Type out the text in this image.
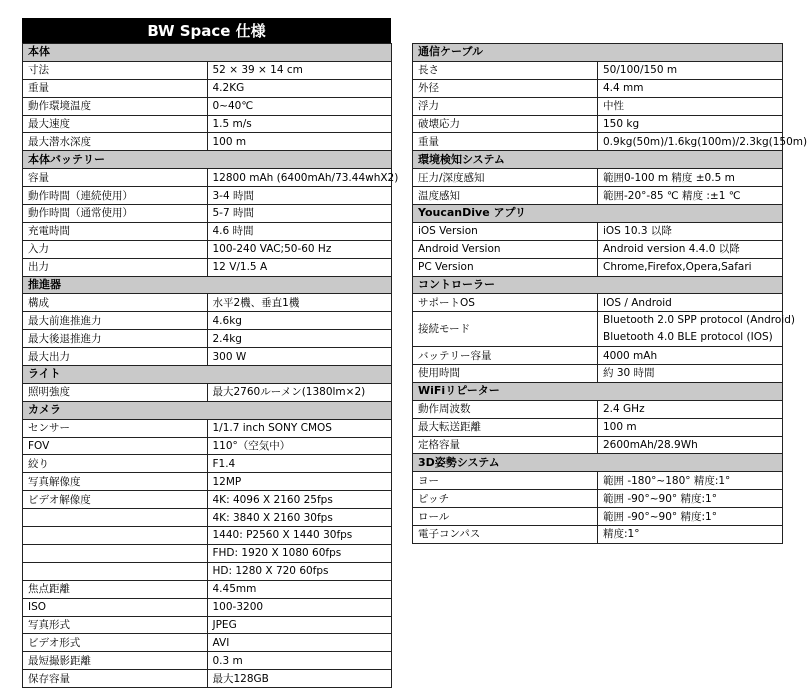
BW Space 仕様
本体	
寸法	52 × 39 × 14 cm
重量	4.2KG
動作環境温度	0~40℃
最大速度	1.5 m/s
最大潜水深度	100 m
本体バッテリー	
容量	12800 mAh (6400mAh/73.44whX2)
動作時間（連続使用）	3-4 時間
動作時間（通常使用）	5-7 時間
充電時間	4.6 時間
入力	100-240 VAC;50-60 Hz
出力	12 V/1.5 A
推進器	
構成	水平2機、垂直1機
最大前進推進力	4.6kg
最大後退推進力	2.4kg
最大出力	300 W
ライト	
照明強度	最大2760ルーメン(1380lm×2)
カメラ	
センサー	1/1.7 inch SONY CMOS
FOV	110°（空気中）
絞り	F1.4
写真解像度	12MP
ビデオ解像度	4K: 4096 X 2160 25fps
	4K: 3840 X 2160 30fps
	1440: P2560 X 1440 30fps
	FHD: 1920 X 1080 60fps
	HD: 1280 X 720 60fps
焦点距離	4.45mm
ISO	100-3200
写真形式	JPEG
ビデオ形式	AVI
最短撮影距離	0.3 m
保存容量	最大128GB
通信ケーブル	
長さ	50/100/150 m
外径	4.4 mm
浮力	中性
破壊応力	150 kg
重量	0.9kg(50m)/1.6kg(100m)/2.3kg(150m)
環境検知システム	
圧力/深度感知	範囲0-100 m 精度 ±0.5 m
温度感知	範囲-20°-85 ℃ 精度 :±1 ℃
YoucanDive アプリ	
iOS Version	iOS 10.3 以降
Android Version	Android version 4.4.0 以降
PC Version	Chrome,Firefox,Opera,Safari
コントローラー	
サポートOS	IOS / Android
接続モード	Bluetooth 2.0 SPP protocol (Android)
Bluetooth 4.0 BLE protocol (IOS)

バッテリー容量	4000 mAh
使用時間	約 30 時間
WiFiリピーター	
動作周波数	2.4 GHz
最大転送距離	100 m
定格容量	2600mAh/28.9Wh
3D姿勢システム	
ヨー	範囲 -180°~180° 精度:1°
ピッチ	範囲 -90°~90° 精度:1°
ロール	範囲 -90°~90° 精度:1°
電子コンパス	精度:1°
